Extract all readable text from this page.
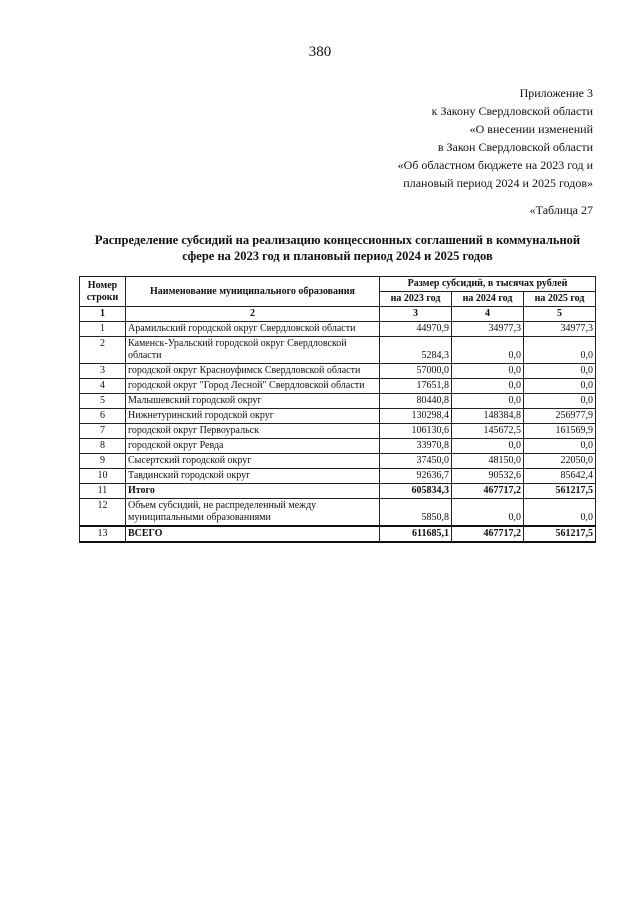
380
Приложение 3
к Закону Свердловской области
«О внесении изменений
в Закон Свердловской области
«Об областном бюджете на 2023 год и
плановый период 2024 и 2025 годов»
«Таблица 27
Распределение субсидий на реализацию концессионных соглашений в коммунальной сфере на 2023 год и плановый период 2024 и 2025 годов
Номер строки	Наименование муниципального образования	Размер субсидий, в тысячах рублей		
		на 2023 год	на 2024 год	на 2025 год
1	2	3	4	5
1	Арамильский городской округ Свердловской области	44970,9	34977,3	34977,3
2	Каменск-Уральский городской округ Свердловской области	5284,3	0,0	0,0
3	городской округ Красноуфимск Свердловской области	57000,0	0,0	0,0
4	городской округ "Город Лесной" Свердловской области	17651,8	0,0	0,0
5	Малышевский городской округ	80440,8	0,0	0,0
6	Нижнетуринский городской округ	130298,4	148384,8	256977,9
7	городской округ Первоуральск	106130,6	145672,5	161569,9
8	городской округ Ревда	33970,8	0,0	0,0
9	Сысертский городской округ	37450,0	48150,0	22050,0
10	Тавдинский городской округ	92636,7	90532,6	85642,4
11	Итого	605834,3	467717,2	561217,5
12	Объем субсидий, не распределенный между муниципальными образованиями	5850,8	0,0	0,0
13	ВСЕГО	611685,1	467717,2	561217,5
